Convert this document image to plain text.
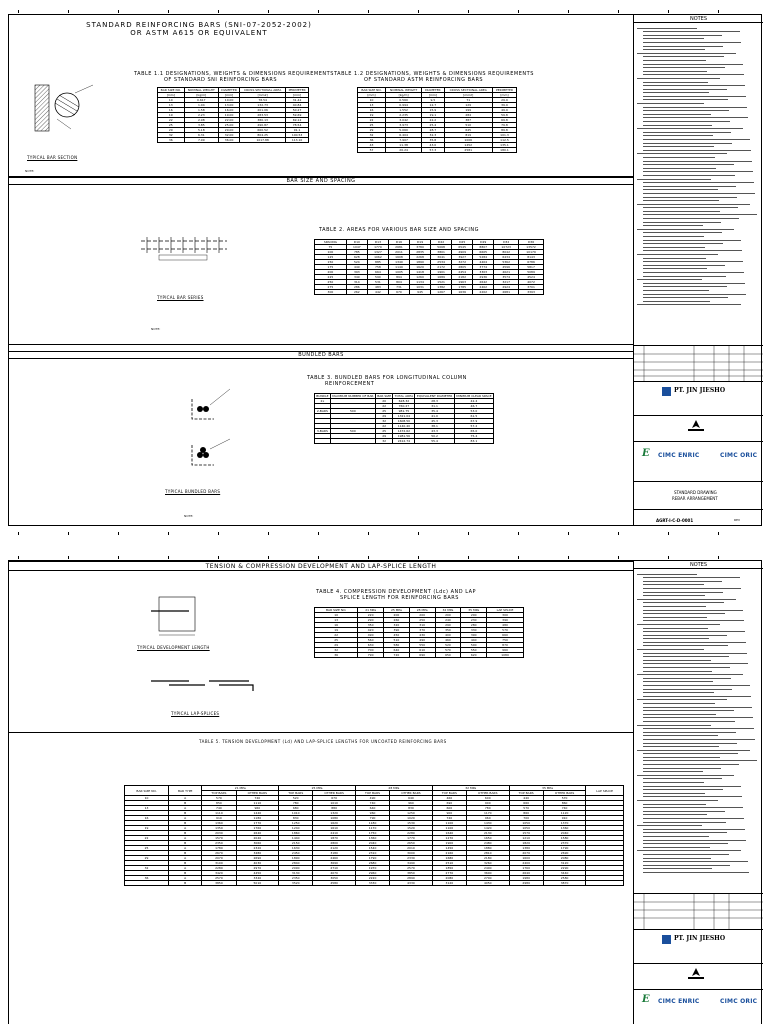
STANDARD REINFORCING BARS (SNI-07-2052-2002)
OR ASTM A615 OR EQUIVALENT
TYPICAL BAR SECTION
TABLE 1.1 DESIGNATIONS, WEIGHTS & DIMENSIONS REQUIREMENTS
OF STANDARD SNI REINFORCING BARS
BAR SIZE NO.	NOMINAL WEIGHT	DIAMETER	CROSS SECTIONAL AREA	PERIMETER
[mm]	[kg/m]	[mm]	[mm2]	[mm]
10	0.617	10.00	78.54	31.42
13	1.04	13.00	132.73	40.84
16	1.58	16.00	201.06	50.27
19	2.23	19.00	283.53	59.69
22	2.98	22.00	380.13	69.12
25	3.85	25.00	490.87	78.54
29	5.18	29.00	660.52	91.1
32	6.31	32.00	804.25	100.53
36	7.99	36.00	1017.88	113.10
TABLE 1.2 DESIGNATIONS, WEIGHTS & DIMENSIONS REQUIREMENTS
OF STANDARD ASTM REINFORCING BARS
BAR SIZE NO.	NOMINAL WEIGHT	DIAMETER	CROSS SECTIONAL AREA	PERIMETER
[mm]	[kg/m]	[mm]	[mm2]	[mm]
10	0.560	9.5	71	29.9
13	0.994	12.7	129	39.9
16	1.552	15.9	199	49.9
19	2.235	19.1	284	59.8
22	3.042	22.2	387	69.8
25	3.973	25.4	510	79.8
29	5.060	28.7	645	89.8
32	6.404	32.3	819	101.3
36	7.907	35.8	1006	112.5
43	11.38	43.0	1452	135.1
57	20.24	57.3	2581	180.1
NOTE:
BAR SIZE AND SPACING
TYPICAL BAR SERIES
TABLE 2. AREAS FOR VARIOUS BAR SIZE AND SPACING
SPACING	D10	D13	D16	D19	D22	D25	D29	D32	D36
75	1047	1770	2681	3780	5068	6545	8807	10723	13572
100	785	1327	2011	2835	3801	4909	6605	8042	10179
125	628	1062	1608	2268	3041	3927	5284	6434	8143
150	524	885	1340	1890	2534	3272	4404	5362	6786
175	449	758	1149	1620	2172	2805	3774	4596	5817
200	393	664	1005	1418	1901	2454	3303	4021	5089
225	349	590	894	1260	1689	2182	2936	3574	4524
250	314	531	804	1134	1521	1963	2642	3217	4072
275	286	483	731	1031	1382	1785	2402	2924	3701
300	262	442	670	945	1267	1636	2202	2681	3393
NOTE:
BUNDLED BARS
TYPICAL BUNDLED BARS
TABLE 3. BUNDLED BARS FOR LONGITUDINAL COLUMN
REINFORCEMENT
BUNDLE	MAXIMUM NUMBER OF BAR	BAR SIZE	TOTAL AREA	EQUIVALENT DIAMETER	MINIMUM CLEAR SPACE
2x		20	628.32	28.3	42.4
		22	760.27	31.1	46.7
2-BARS	500	25	981.75	35.4	53.0
		29	1321.04	41.0	61.5
		32	1608.50	45.3	67.9
		22	1140.40	38.1	57.2
3-BARS	500	25	1472.62	43.3	65.0
		29	1981.56	50.2	75.4
		32	2412.74	55.4	83.1
NOTE:
NOTES
PT. JIN JIESHO
E CIMC ENRIC	CIMC ORIC
STANDARD DRAWING
REBAR ARRANGEMENT
AGRT-I-C-D-0001	REV
TENSION & COMPRESSION DEVELOPMENT AND LAP-SPLICE LENGTH
TYPICAL DEVELOPMENT LENGTH
TYPICAL LAP-SPLICES
TABLE 4. COMPRESSION DEVELOPMENT (Ldc) AND LAP
SPLICE LENGTH FOR REINFORCING BARS
BAR SIZE NO.	21 MPa	25 MPa	28 MPa	32 MPa	35 MPa	LAP SPLICE
10	220	200	200	200	200	300
13	290	260	250	240	230	390
16	350	320	310	290	280	480
19	420	390	370	350	330	570
22	490	450	430	400	390	660
25	560	510	490	460	440	750
29	630	580	550	520	500	870
32	700	640	610	570	550	960
36	790	720	690	650	620	1080
TABLE 5. TENSION DEVELOPMENT (Ld) AND LAP-SPLICE LENGTHS FOR UNCOATED REINFORCING BARS
BAR SIZE NO.	BAR TYPE	21 MPa		25 MPa		28 MPa		32 MPa		35 MPa		LAP SPLICE
		TOP BARS	OTHER BARS	TOP BARS	OTHER BARS	TOP BARS	OTHER BARS	TOP BARS	OTHER BARS	TOP BARS	OTHER BARS	
10	A	570	740	520	670	490	640	460	600	440	570	
	B	850	1110	780	1010	740	960	690	900	660	860	
13	A	740	960	680	880	640	830	600	780	570	740	
	B	1110	1440	1010	1320	960	1250	900	1170	860	1120	
16	A	910	1180	830	1080	790	1020	740	960	700	910	
	B	1360	1770	1250	1620	1180	1530	1100	1430	1050	1370	
19	A	1350	1760	1240	1610	1170	1520	1100	1420	1050	1360	
	B	2030	2640	1860	2410	1750	2280	1640	2130	1570	2040	
22	A	1570	2040	1440	1870	1360	1770	1270	1650	1210	1580	
	B	2350	3060	2150	2800	2040	2650	1900	2480	1820	2370	
25	A	1780	2320	1630	2120	1540	2010	1450	1880	1380	1790	
	B	2670	3480	2450	3180	2310	3000	2160	2810	2070	2690	
29	A	2070	2690	1890	2460	1790	2330	1680	2180	1600	2080	
	B	3100	4030	2840	3690	2680	3490	2510	3260	2400	3120	
32	A	2280	2970	2090	2710	1970	2570	1850	2400	1760	2290	
	B	3420	4450	3130	4070	2960	3850	2770	3600	2640	3440	
36	A	2570	3340	2350	3050	2220	2890	2080	2700	1980	2580	
	B	3850	5010	3520	4580	3330	4330	3120	4050	2980	3870	
NOTES
PT. JIN JIESHO
E CIMC ENRIC	CIMC ORIC
